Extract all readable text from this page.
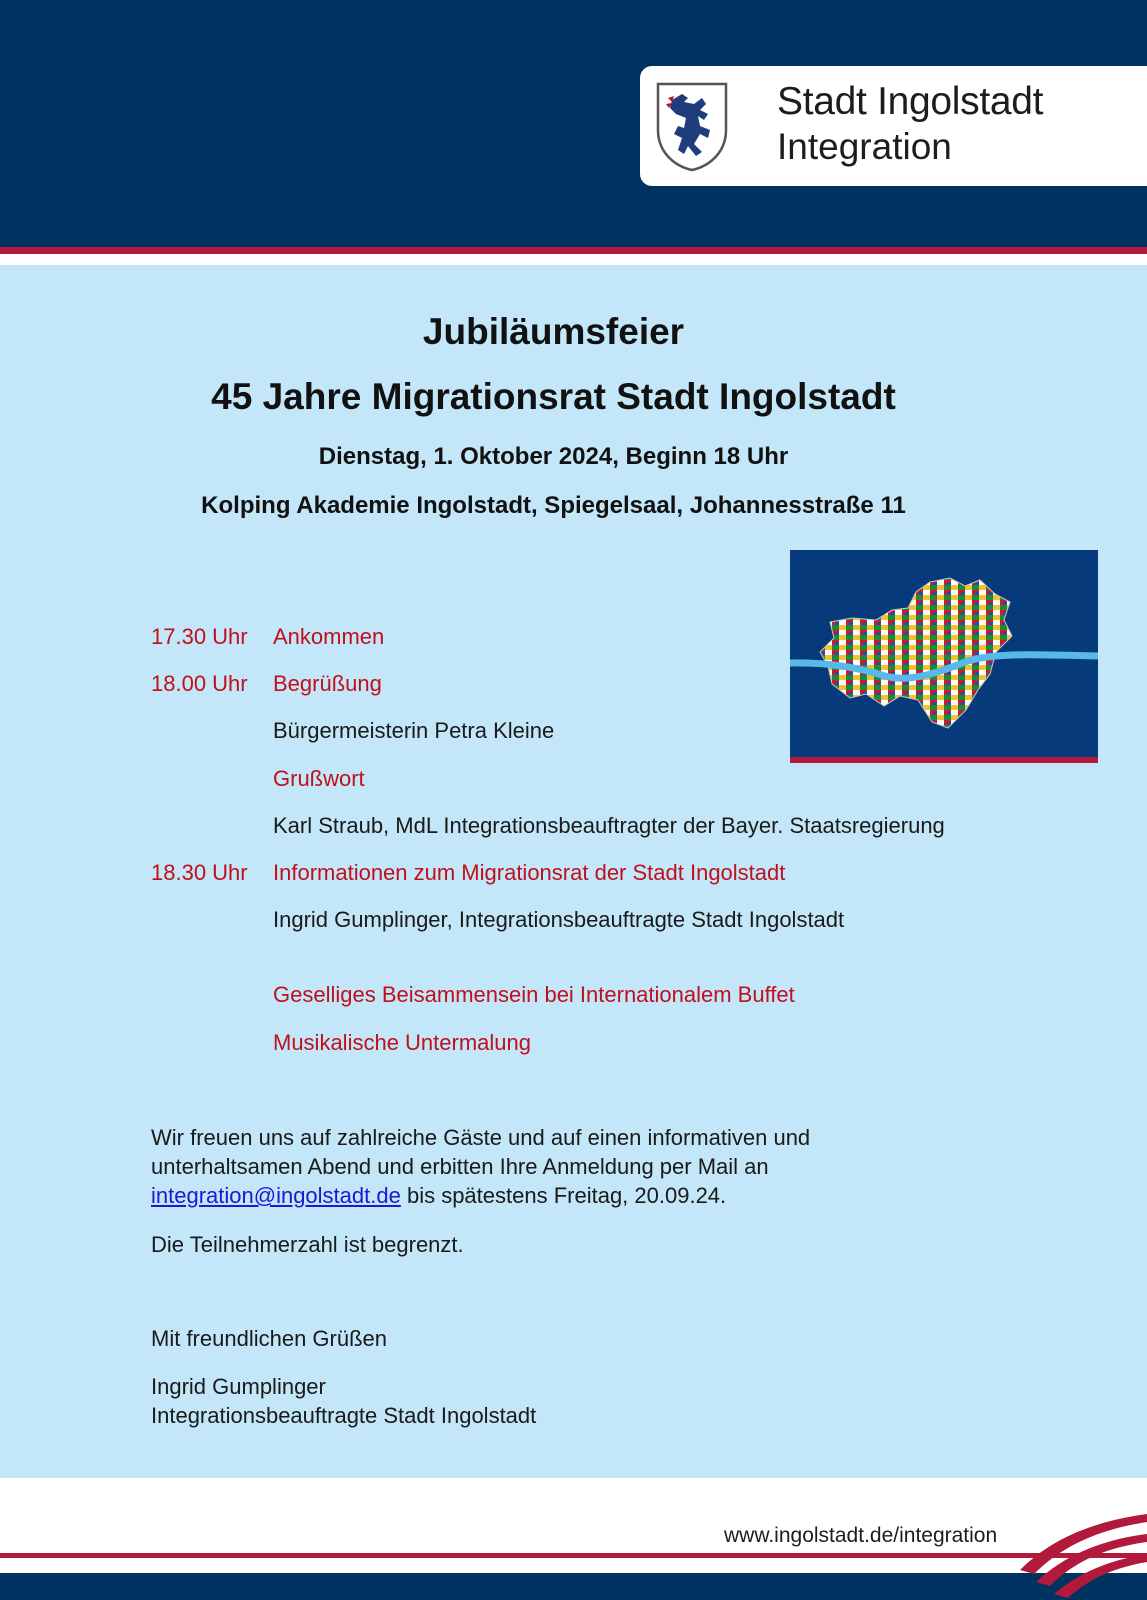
Stadt Ingolstadt
Integration
Jubiläumsfeier
45 Jahre Migrationsrat Stadt Ingolstadt
Dienstag, 1. Oktober 2024, Beginn 18 Uhr
Kolping Akademie Ingolstadt, Spiegelsaal, Johannesstraße 11
17.30 Uhr Ankommen
18.00 Uhr Begrüßung
Bürgermeisterin Petra Kleine
Grußwort
Karl Straub, MdL Integrationsbeauftragter der Bayer. Staatsregierung
18.30 Uhr Informationen zum Migrationsrat der Stadt Ingolstadt
Ingrid Gumplinger, Integrationsbeauftragte Stadt Ingolstadt
Geselliges Beisammensein bei Internationalem Buffet
Musikalische Untermalung
Wir freuen uns auf zahlreiche Gäste und auf einen informativen und
unterhaltsamen Abend und erbitten Ihre Anmeldung per Mail an
integration@ingolstadt.de bis spätestens Freitag, 20.09.24.
Die Teilnehmerzahl ist begrenzt.
Mit freundlichen Grüßen
Ingrid Gumplinger
Integrationsbeauftragte Stadt Ingolstadt
www.ingolstadt.de/integration
